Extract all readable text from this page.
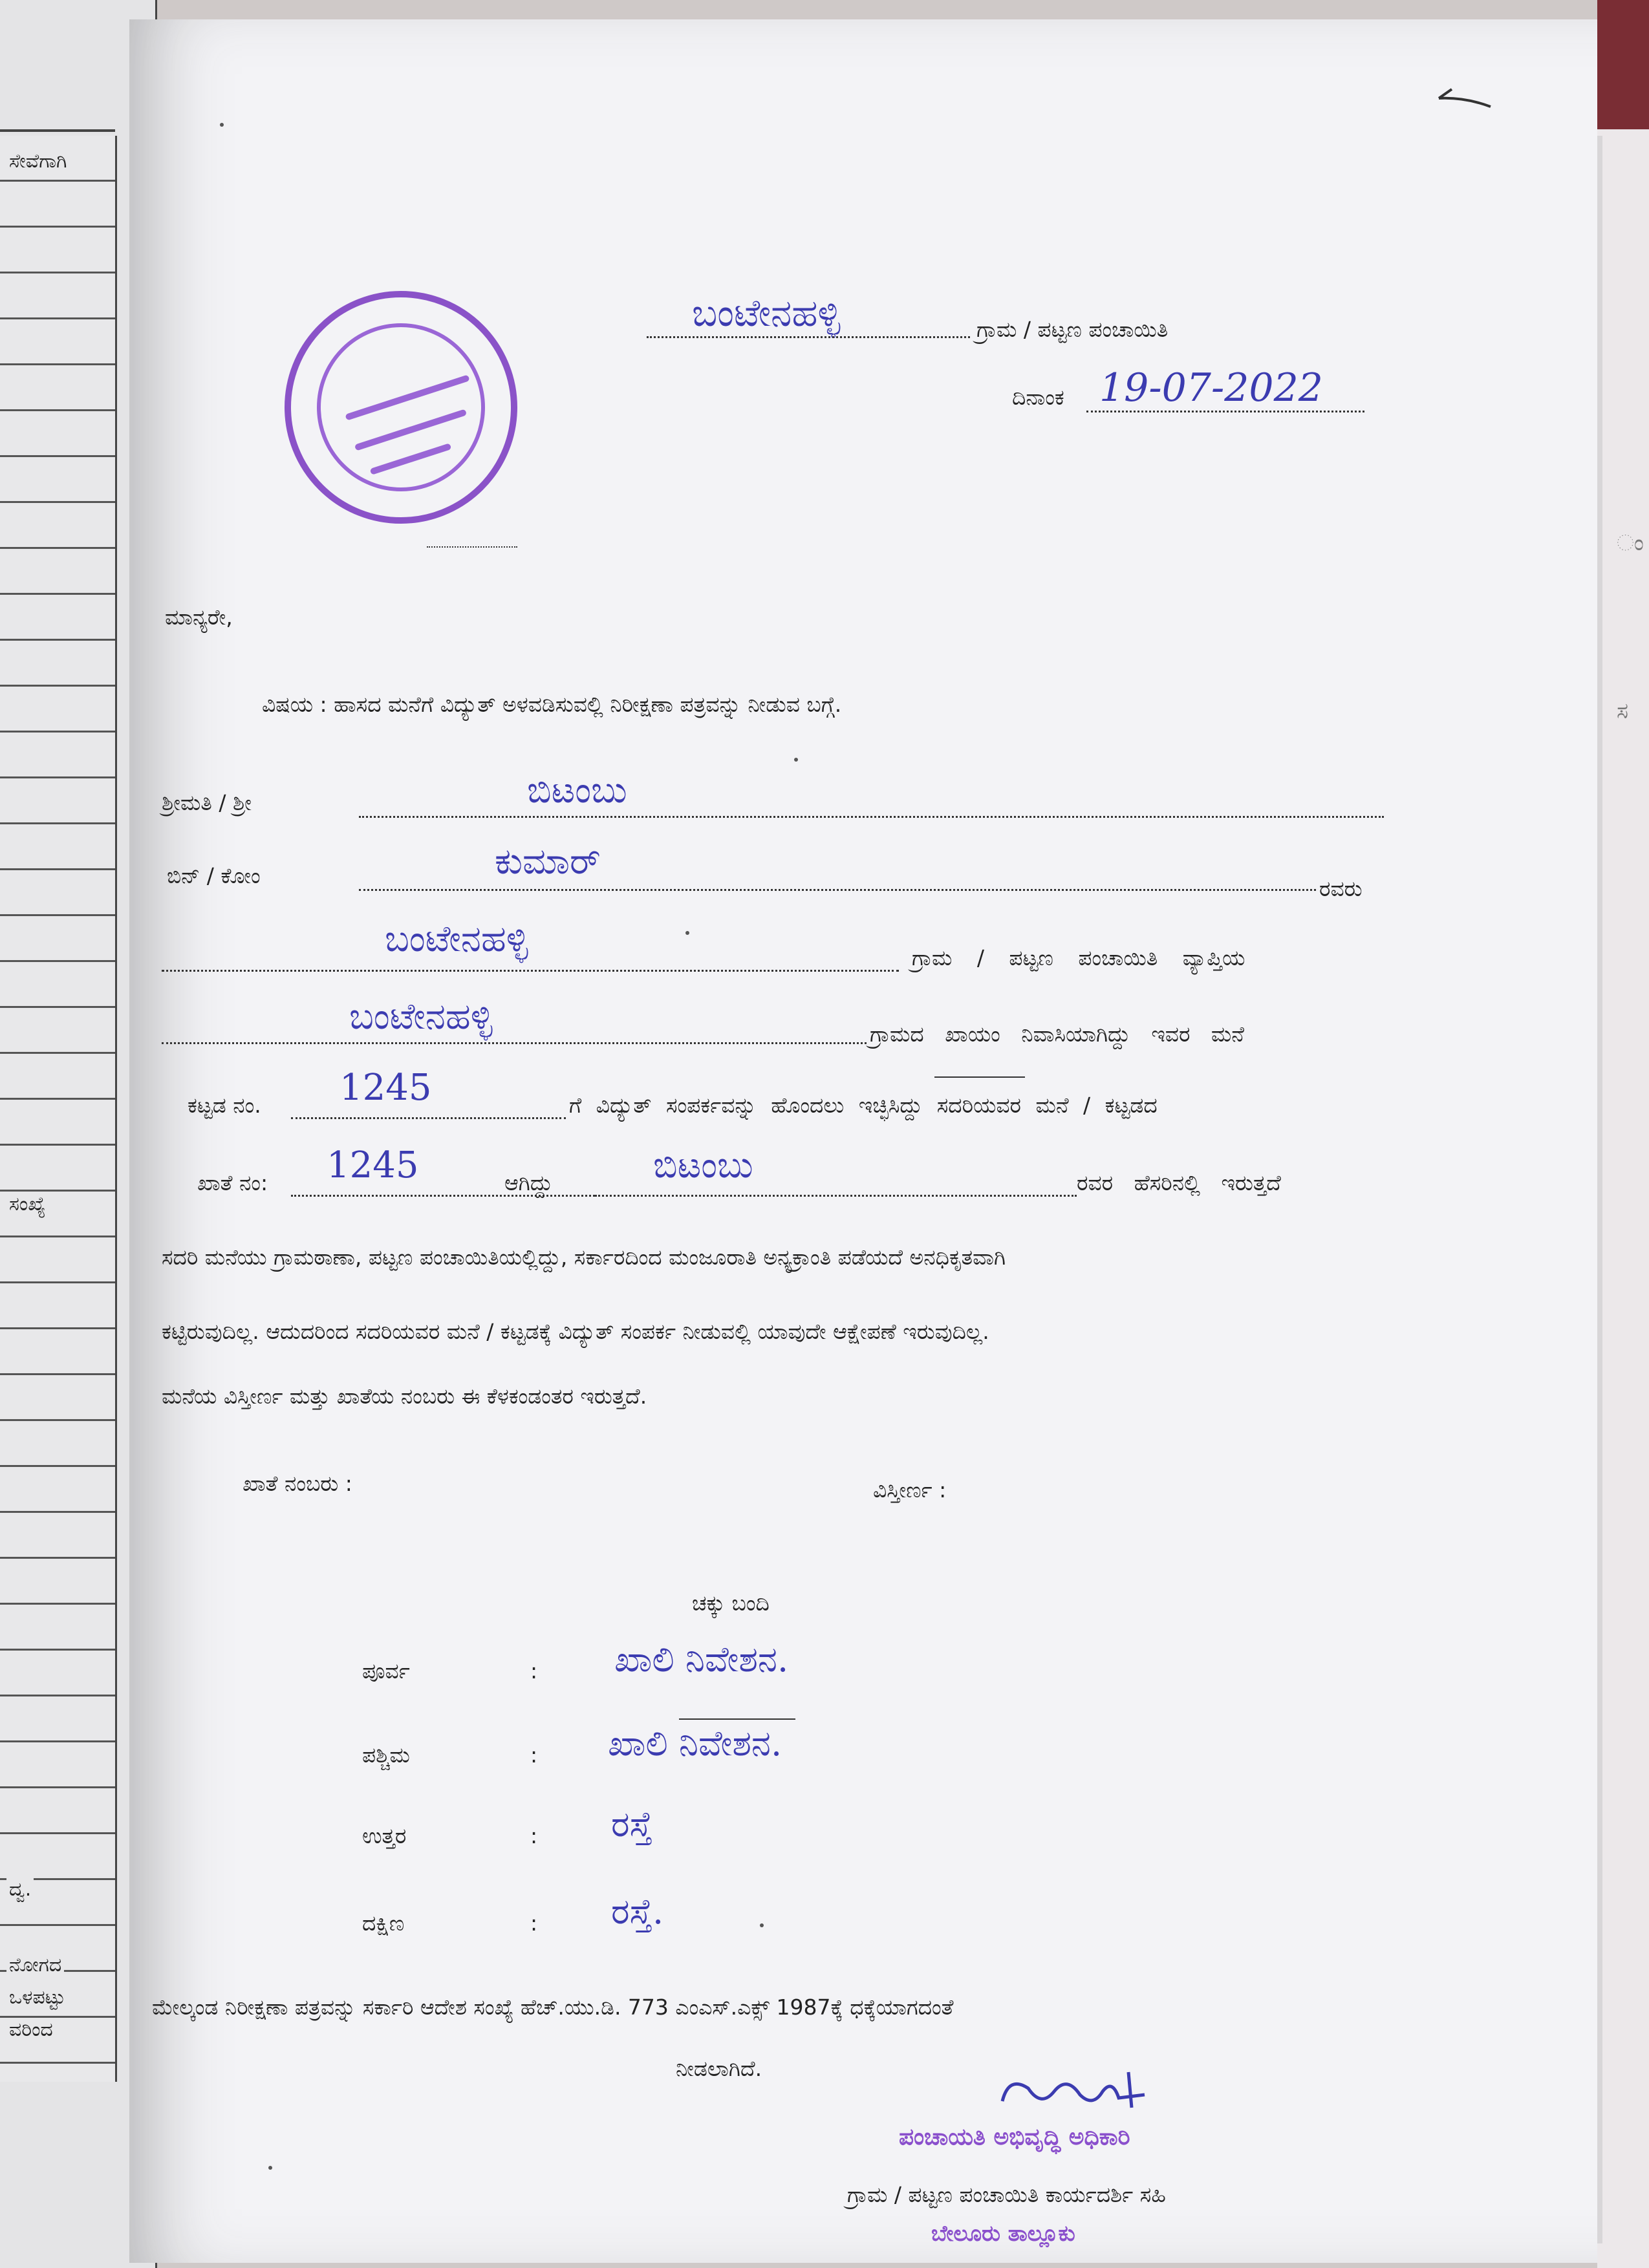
ಂ
ಸ
ಸೇವೆಗಾಗಿ
ಸಂಖ್ಯೆ
ದ್ವ.
ನೋಗದ
ಒಳಪಟ್ಟು
ವರಿಂದ
ಬಂಟೇನಹಳ್ಳಿ	ಗ್ರಾಮ / ಪಟ್ಟಣ ಪಂಚಾಯಿತಿ
ದಿನಾಂಕ 19-07-2022
ಮಾನ್ಯರೇ,
ವಿಷಯ : ಹಾಸದ ಮನೆಗೆ ವಿದ್ಯುತ್ ಅಳವಡಿಸುವಲ್ಲಿ ನಿರೀಕ್ಷಣಾ ಪತ್ರವನ್ನು ನೀಡುವ ಬಗ್ಗೆ.
ಶ್ರೀಮತಿ / ಶ್ರೀ	ಬಿಟಂಬು
ಬಿನ್ / ಕೋಂ	ಕುಮಾರ್
ರವರು
ಬಂಟೇನಹಳ್ಳಿ	ಗ್ರಾಮ / ಪಟ್ಟಣ ಪಂಚಾಯಿತಿ ವ್ಯಾಪ್ತಿಯ
ಬಂಟೇನಹಳ್ಳಿ	ಗ್ರಾಮದ ಖಾಯಂ ನಿವಾಸಿಯಾಗಿದ್ದು ಇವರ ಮನೆ
ಕಟ್ಟಡ ನಂ. 1245	ಗೆ ವಿದ್ಯುತ್ ಸಂಪರ್ಕವನ್ನು ಹೊಂದಲು ಇಚ್ಛಿಸಿದ್ದು ಸದರಿಯವರ ಮನೆ / ಕಟ್ಟಡದ
ಖಾತೆ ನಂ: 1245	ಆಗಿದ್ದು	ಬಿಟಂಬು	ರವರ ಹೆಸರಿನಲ್ಲಿ ಇರುತ್ತದೆ
ಸದರಿ ಮನೆಯು ಗ್ರಾಮಠಾಣಾ, ಪಟ್ಟಣ ಪಂಚಾಯಿತಿಯಲ್ಲಿದ್ದು, ಸರ್ಕಾರದಿಂದ ಮಂಜೂರಾತಿ ಅನ್ಯಕ್ರಾಂತಿ ಪಡೆಯದೆ ಅನಧಿಕೃತವಾಗಿ
ಕಟ್ಟಿರುವುದಿಲ್ಲ. ಆದುದರಿಂದ ಸದರಿಯವರ ಮನೆ / ಕಟ್ಟಡಕ್ಕೆ ವಿದ್ಯುತ್ ಸಂಪರ್ಕ ನೀಡುವಲ್ಲಿ ಯಾವುದೇ ಆಕ್ಷೇಪಣೆ ಇರುವುದಿಲ್ಲ.
ಮನೆಯ ವಿಸ್ತೀರ್ಣ ಮತ್ತು ಖಾತೆಯ ನಂಬರು ಈ ಕೆಳಕಂಡಂತರ ಇರುತ್ತದೆ.
ಖಾತೆ ನಂಬರು :	ವಿಸ್ತೀರ್ಣ :
ಚಕ್ಕು ಬಂದಿ
ಪೂರ್ವ	: ಖಾಲಿ ನಿವೇಶನ.
ಪಶ್ಚಿಮ	: ಖಾಲಿ ನಿವೇಶನ.
ಉತ್ತರ	: ರಸ್ತೆ
ದಕ್ಷಿಣ	: ರಸ್ತೆ.
ಮೇಲ್ಕಂಡ ನಿರೀಕ್ಷಣಾ ಪತ್ರವನ್ನು ಸರ್ಕಾರಿ ಆದೇಶ ಸಂಖ್ಯೆ ಹೆಚ್.ಯು.ಡಿ. 773 ಎಂಎಸ್.ಎಕ್ಸ್ 1987ಕ್ಕೆ ಧಕ್ಕೆಯಾಗದಂತೆ
ನೀಡಲಾಗಿದೆ.
ಪಂಚಾಯತಿ ಅಭಿವೃದ್ಧಿ ಅಧಿಕಾರಿ
ಗ್ರಾಮ / ಪಟ್ಟಣ ಪಂಚಾಯಿತಿ ಕಾರ್ಯದರ್ಶಿ ಸಹಿ
ಬೇಲೂರು ತಾಲ್ಲೂಕು
